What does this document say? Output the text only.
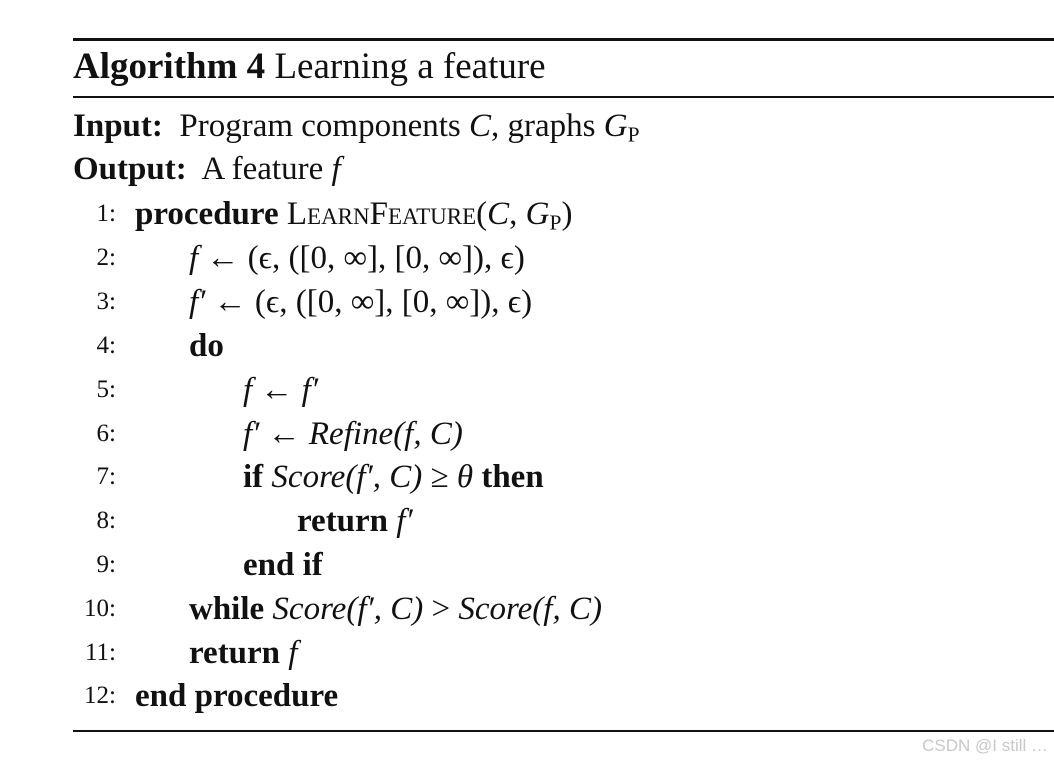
Algorithm 4 Learning a feature
Input: Program components C, graphs $G_P$
Output: A feature f
1: procedure LearnFeature(C, $G_P$)
2: f ← (ϵ, ([0, ∞], [0, ∞]), ϵ)
3: f′ ← (ϵ, ([0, ∞], [0, ∞]), ϵ)
4: do
5:	f ← f′
6:	f′ ← Refine(f, C)
7:	if Score(f′, C) ≥ θ then
8:	return f′
9:	end if
10: while Score(f′, C) > Score(f, C)
11: return f
12: end procedure
CSDN @I still …
